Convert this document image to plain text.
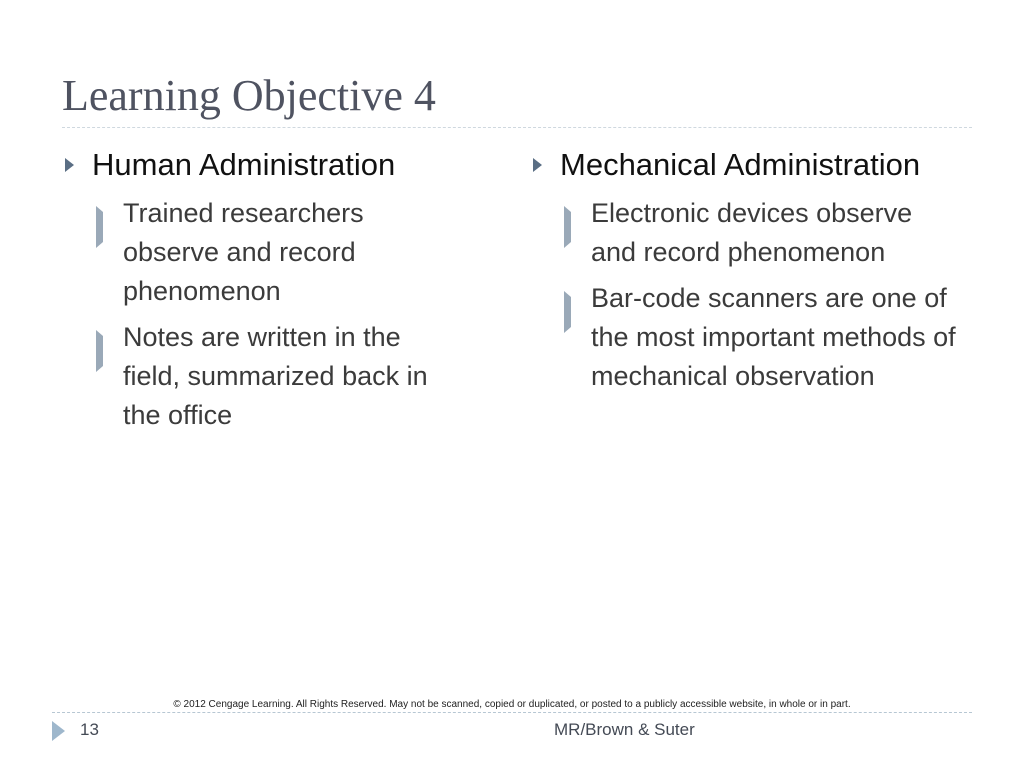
Learning Objective 4
Human Administration
Trained researchers observe and record phenomenon
Notes are written in the field, summarized back in the office
Mechanical Administration
Electronic devices observe and record phenomenon
Bar-code scanners are one of the most important methods of mechanical observation
© 2012 Cengage Learning. All Rights Reserved. May not be scanned, copied or duplicated, or posted to a publicly accessible website, in whole or in part.
13	MR/Brown & Suter
